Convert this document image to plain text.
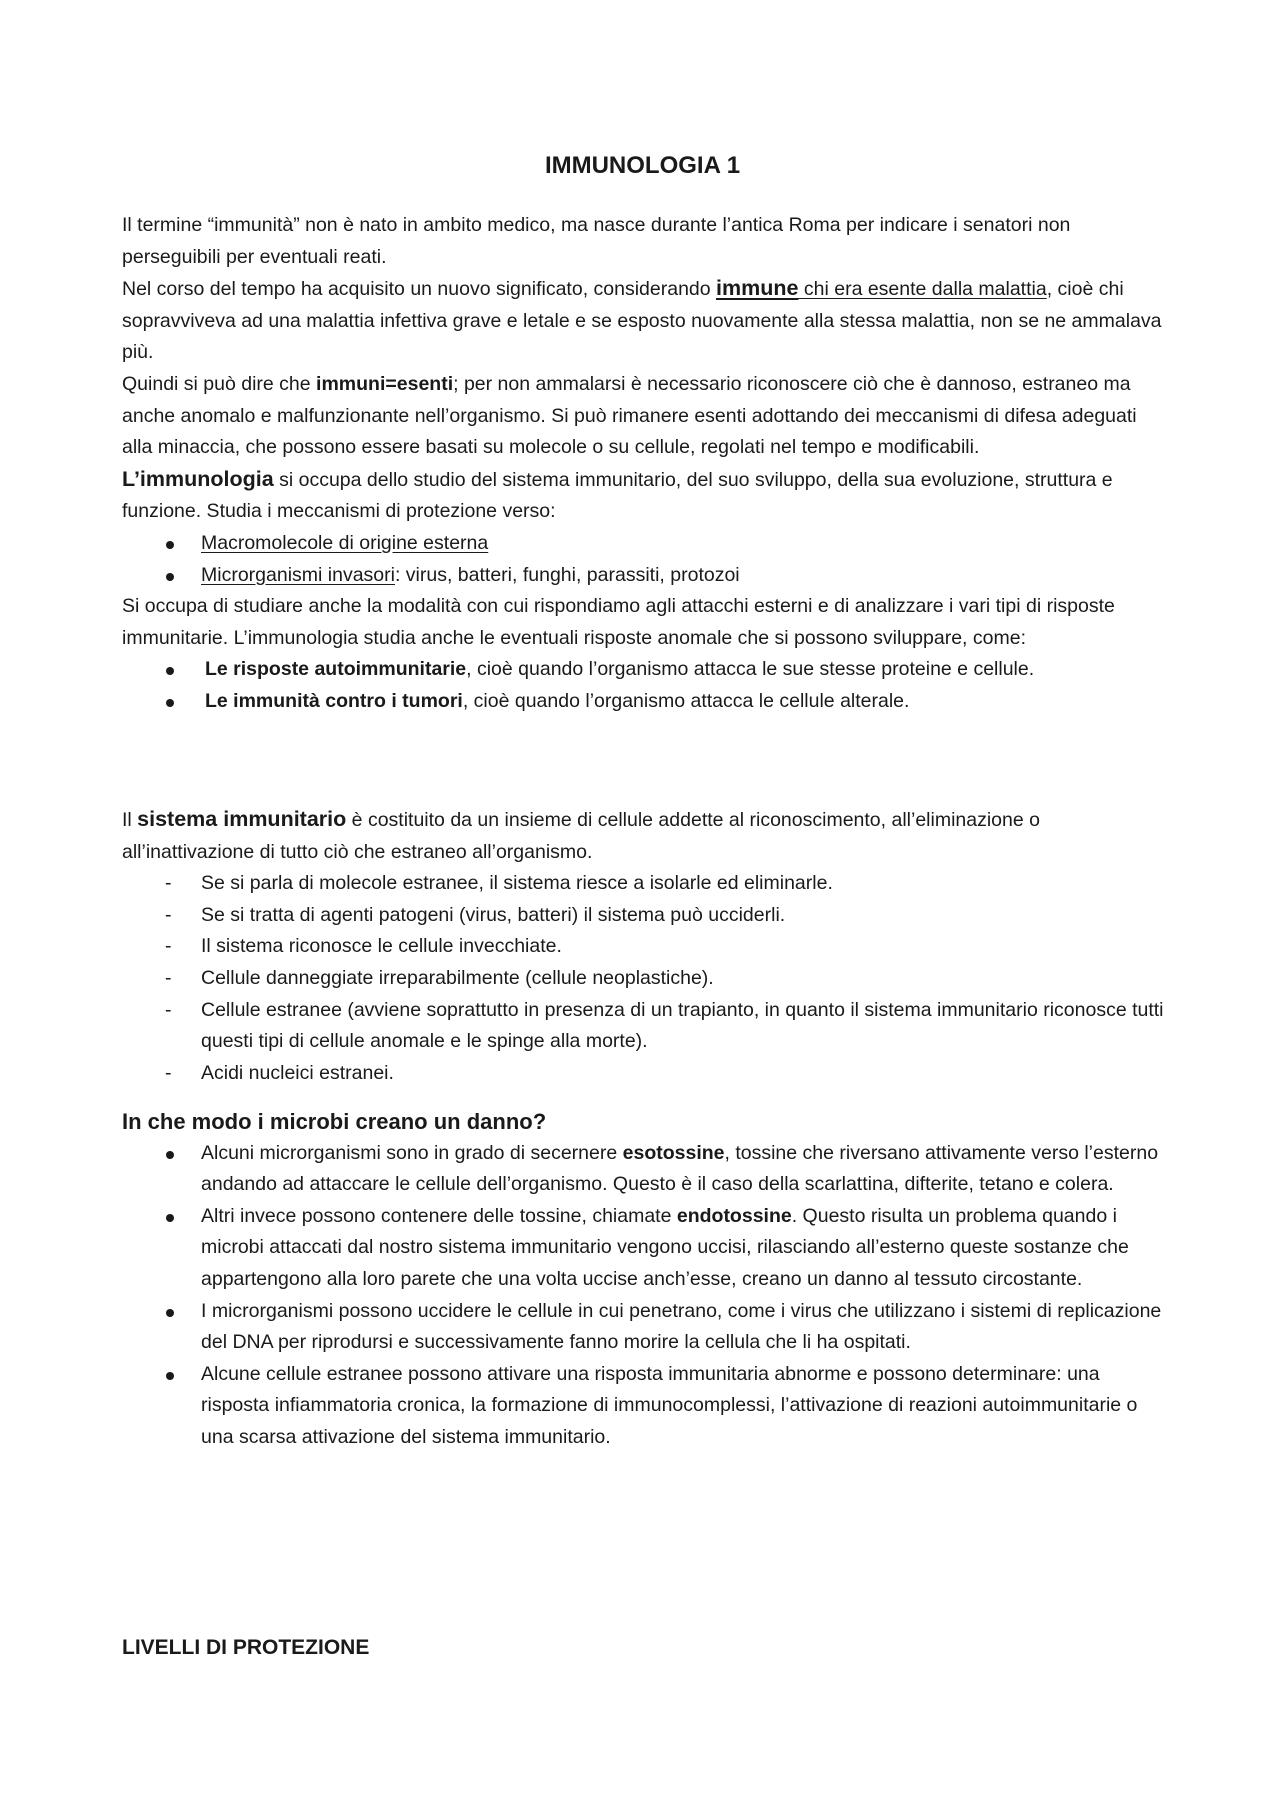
IMMUNOLOGIA 1

Il termine “immunità” non è nato in ambito medico, ma nasce durante l’antica Roma per indicare i senatori non perseguibili per eventuali reati.

Nel corso del tempo ha acquisito un nuovo significato, considerando immune chi era esente dalla malattia, cioè chi sopravviveva ad una malattia infettiva grave e letale e se esposto nuovamente alla stessa malattia, non se ne ammalava più.

Quindi si può dire che immuni=esenti; per non ammalarsi è necessario riconoscere ciò che è dannoso, estraneo ma anche anomalo e malfunzionante nell’organismo. Si può rimanere esenti adottando dei meccanismi di difesa adeguati alla minaccia, che possono essere basati su molecole o su cellule, regolati nel tempo e modificabili.

L’immunologia si occupa dello studio del sistema immunitario, del suo sviluppo, della sua evoluzione, struttura e funzione. Studia i meccanismi di protezione verso:

Macromolecole di origine esterna
Microrganismi invasori: virus, batteri, funghi, parassiti, protozoi

Si occupa di studiare anche la modalità con cui rispondiamo agli attacchi esterni e di analizzare i vari tipi di risposte immunitarie. L’immunologia studia anche le eventuali risposte anomale che si possono sviluppare, come:

Le risposte autoimmunitarie, cioè quando l’organismo attacca le sue stesse proteine e cellule.
Le immunità contro i tumori, cioè quando l’organismo attacca le cellule alterale.

Il sistema immunitario è costituito da un insieme di cellule addette al riconoscimento, all’eliminazione o all’inattivazione di tutto ciò che estraneo all’organismo.

- Se si parla di molecole estranee, il sistema riesce a isolarle ed eliminarle.
- Se si tratta di agenti patogeni (virus, batteri) il sistema può ucciderli.
- Il sistema riconosce le cellule invecchiate.
- Cellule danneggiate irreparabilmente (cellule neoplastiche).
- Cellule estranee (avviene soprattutto in presenza di un trapianto, in quanto il sistema immunitario riconosce tutti questi tipi di cellule anomale e le spinge alla morte).
- Acidi nucleici estranei.

In che modo i microbi creano un danno?

Alcuni microrganismi sono in grado di secernere esotossine, tossine che riversano attivamente verso l’esterno andando ad attaccare le cellule dell’organismo. Questo è il caso della scarlattina, difterite, tetano e colera.
Altri invece possono contenere delle tossine, chiamate endotossine. Questo risulta un problema quando i microbi attaccati dal nostro sistema immunitario vengono uccisi, rilasciando all’esterno queste sostanze che appartengono alla loro parete che una volta uccise anch’esse, creano un danno al tessuto circostante.
I microrganismi possono uccidere le cellule in cui penetrano, come i virus che utilizzano i sistemi di replicazione del DNA per riprodursi e successivamente fanno morire la cellula che li ha ospitati.
Alcune cellule estranee possono attivare una risposta immunitaria abnorme e possono determinare: una risposta infiammatoria cronica, la formazione di immunocomplessi, l’attivazione di reazioni autoimmunitarie o una scarsa attivazione del sistema immunitario.

LIVELLI DI PROTEZIONE
